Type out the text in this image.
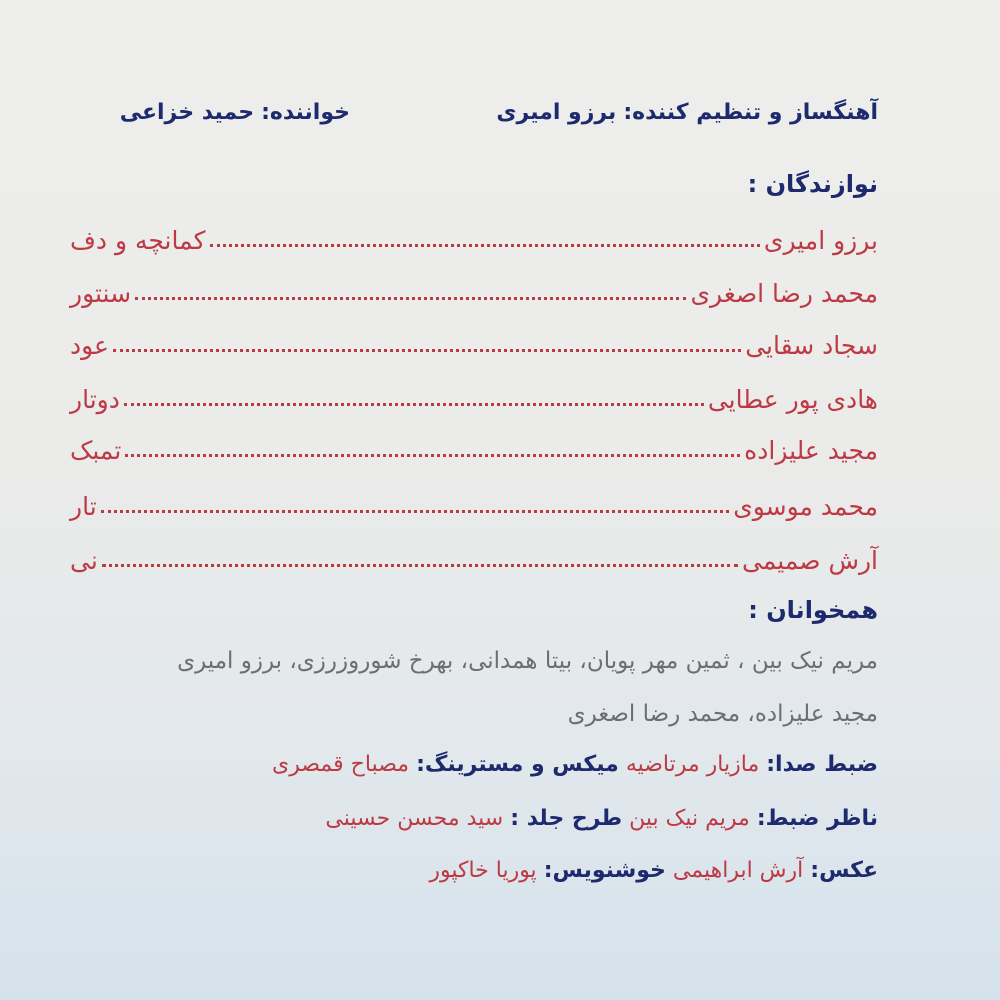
آهنگساز و تنظیم کننده: برزو امیری
خواننده: حمید خزاعی
نوازندگان :
برزو امیری
کمانچه و دف
محمد رضا اصغری
سنتور
سجاد سقایی
عود
هادی پور عطایی
دوتار
مجید علیزاده
تمبک
محمد موسوی
تار
آرش صمیمی
نی
همخوانان :
مریم نیک بین ، ثمین مهر پویان، بیتا همدانی، بهرخ شوروزرزی، برزو امیری
مجید علیزاده، محمد رضا اصغری
ضبط صدا: مازیار مرتاضیه میکس و مسترینگ: مصباح قمصری
ناظر ضبط: مریم نیک بین طرح جلد : سید محسن حسینی
عکس: آرش ابراهیمی خوشنویس: پوریا خاکپور
